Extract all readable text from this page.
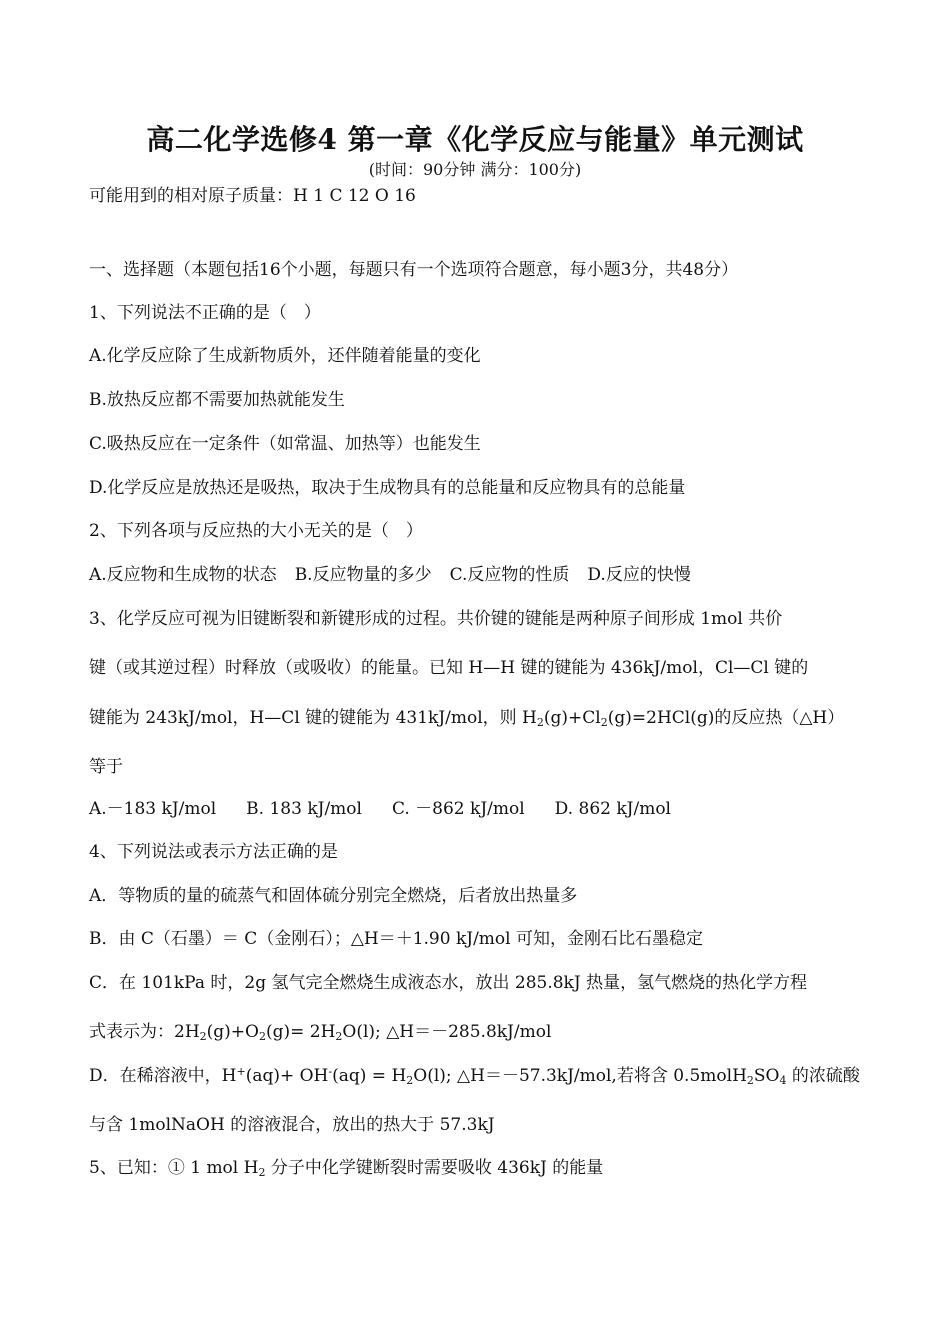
高二化学选修4 第一章《化学反应与能量》单元测试
(时间：90分钟 满分：100分)
可能用到的相对原子质量：H 1 C 12 O 16
一、选择题（本题包括16个小题，每题只有一个选项符合题意，每小题3分，共48分）
1、下列说法不正确的是（　）
A.化学反应除了生成新物质外，还伴随着能量的变化
B.放热反应都不需要加热就能发生
C.吸热反应在一定条件（如常温、加热等）也能发生
D.化学反应是放热还是吸热，取决于生成物具有的总能量和反应物具有的总能量
2、下列各项与反应热的大小无关的是（　）
A.反应物和生成物的状态 B.反应物量的多少 C.反应物的性质 D.反应的快慢
3、化学反应可视为旧键断裂和新键形成的过程。共价键的键能是两种原子间形成 1mol 共价
键（或其逆过程）时释放（或吸收）的能量。已知 H—H 键的键能为 436kJ/mol，Cl—Cl 键的
键能为 243kJ/mol，H—Cl 键的键能为 431kJ/mol，则 $H_2(g)+Cl_2(g)=2HCl(g)$的反应热（△H）
等于
A.－183 kJ/mol B. 183 kJ/mol C. －862 kJ/mol D. 862 kJ/mol
4、下列说法或表示方法正确的是
A．等物质的量的硫蒸气和固体硫分别完全燃烧，后者放出热量多
B．由 C（石墨）＝ C（金刚石）；△H＝＋1.90 kJ/mol 可知，金刚石比石墨稳定
C．在 101kPa 时，2g 氢气完全燃烧生成液态水，放出 285.8kJ 热量，氢气燃烧的热化学方程
式表示为：$2H_2(g)+O_2(g)= 2H_2O(l)$; △H＝－285.8kJ/mol
D．在稀溶液中，$H^+(aq)+ OH^-(aq) = H_2O(l)$; △H＝－57.3kJ/mol,若将含 $0.5molH_2SO_4$ 的浓硫酸
与含 1molNaOH 的溶液混合，放出的热大于 57.3kJ
5、已知：① 1 mol $H_2$ 分子中化学键断裂时需要吸收 436kJ 的能量
